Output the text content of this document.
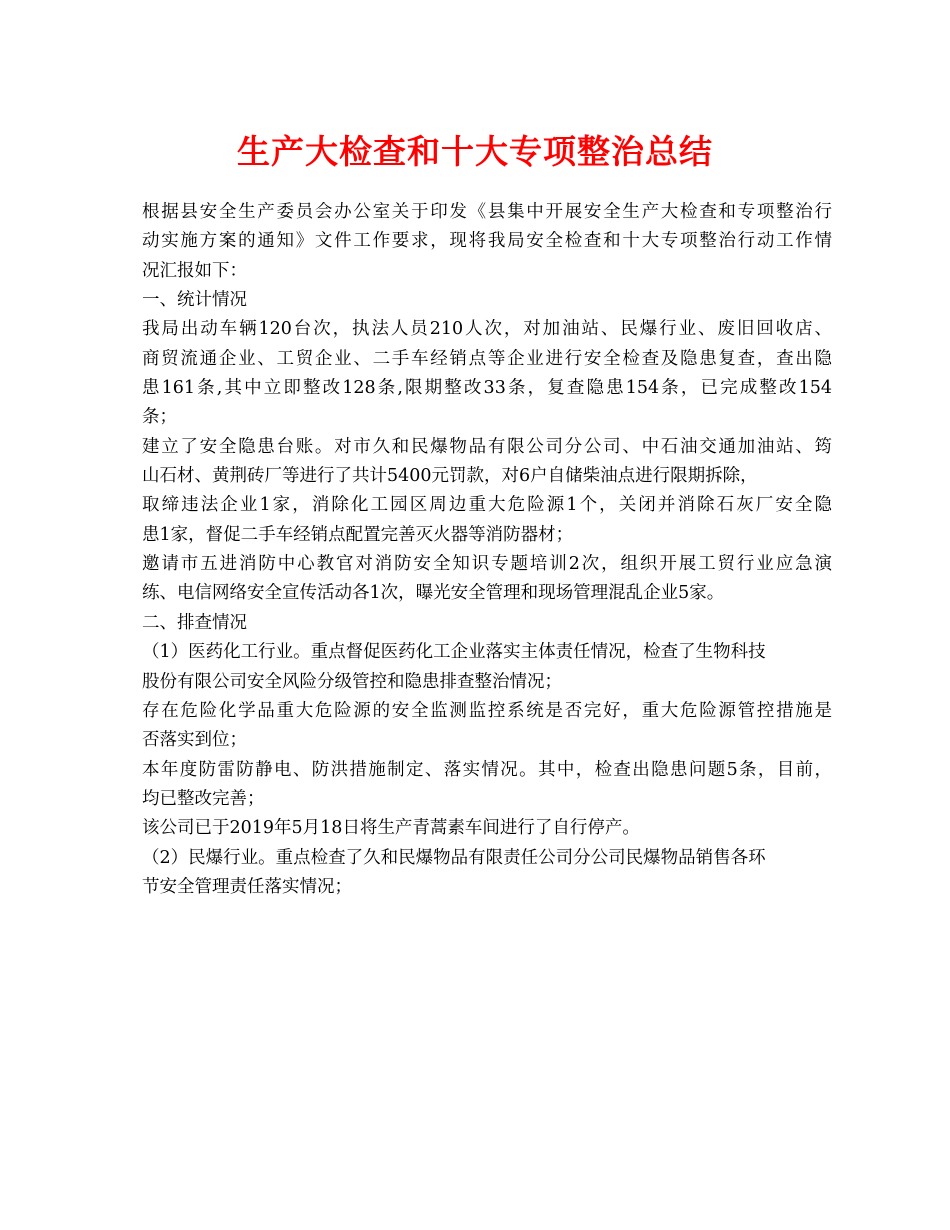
生产大检查和十大专项整治总结
根据县安全生产委员会办公室关于印发《县集中开展安全生产大检查和专项整治行
动实施方案的通知》文件工作要求，现将我局安全检查和十大专项整治行动工作情
况汇报如下：
一、统计情况
我局出动车辆120台次，执法人员210人次，对加油站、民爆行业、废旧回收店、
商贸流通企业、工贸企业、二手车经销点等企业进行安全检查及隐患复查，查出隐
患161条,其中立即整改128条,限期整改33条，复查隐患154条，已完成整改154
条；
建立了安全隐患台账。对市久和民爆物品有限公司分公司、中石油交通加油站、筠
山石材、黄荆砖厂等进行了共计5400元罚款，对6户自储柴油点进行限期拆除，
取缔违法企业1家，消除化工园区周边重大危险源1个，关闭并消除石灰厂安全隐
患1家，督促二手车经销点配置完善灭火器等消防器材；
邀请市五进消防中心教官对消防安全知识专题培训2次，组织开展工贸行业应急演
练、电信网络安全宣传活动各1次，曝光安全管理和现场管理混乱企业5家。
二、排查情况
（1）医药化工行业。重点督促医药化工企业落实主体责任情况，检查了生物科技
股份有限公司安全风险分级管控和隐患排查整治情况；
存在危险化学品重大危险源的安全监测监控系统是否完好，重大危险源管控措施是
否落实到位；
本年度防雷防静电、防洪措施制定、落实情况。其中，检查出隐患问题5条，目前，
均已整改完善；
该公司已于2019年5月18日将生产青蒿素车间进行了自行停产。
（2）民爆行业。重点检查了久和民爆物品有限责任公司分公司民爆物品销售各环
节安全管理责任落实情况；
